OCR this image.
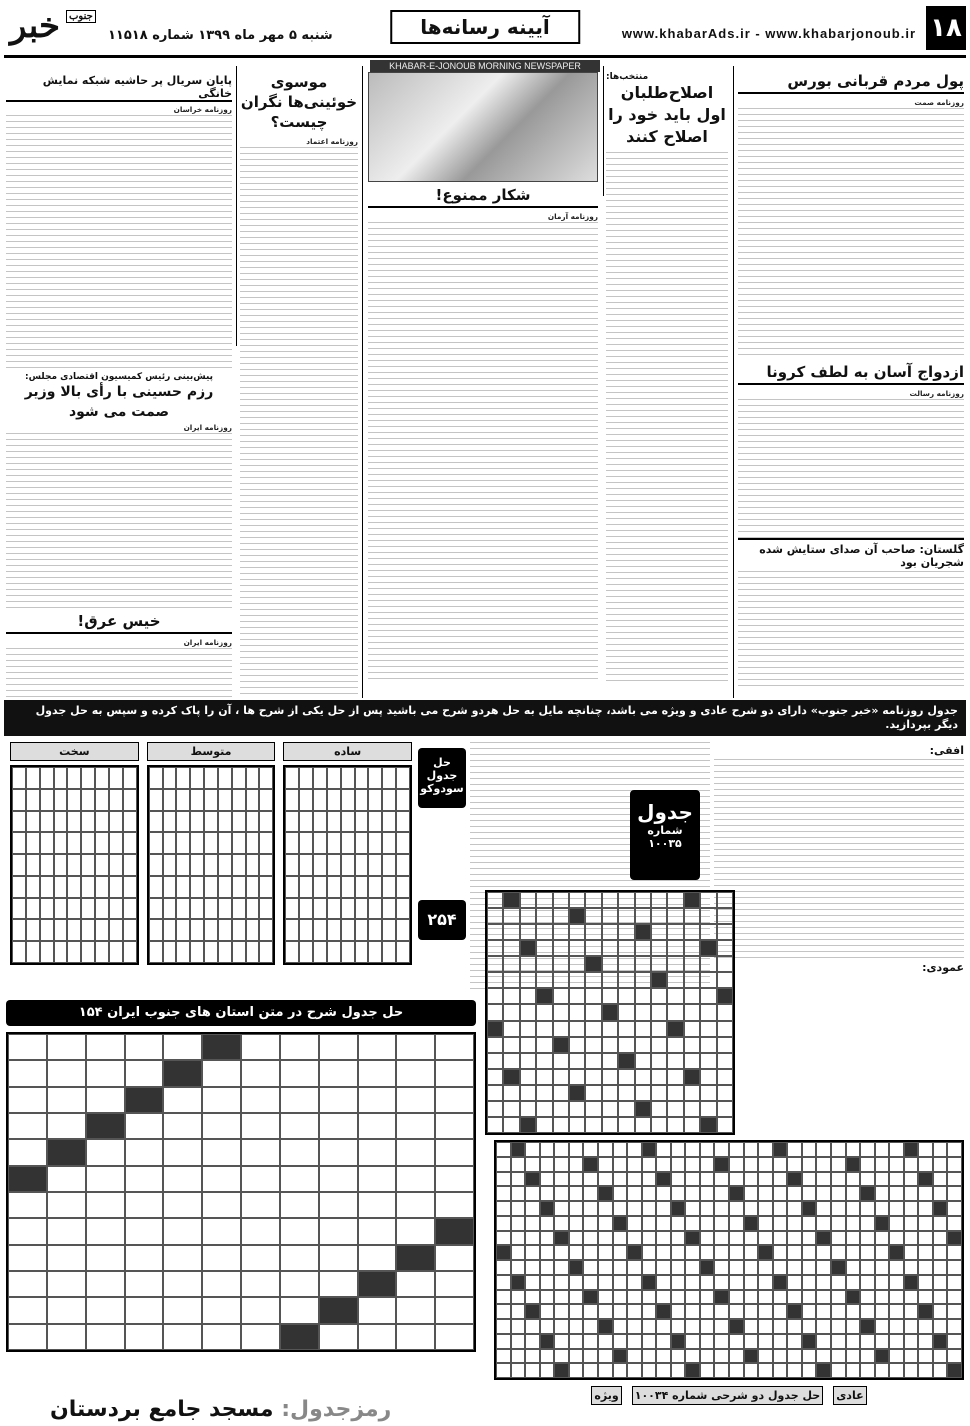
۱۸
www.khabarAds.ir - www.khabarjonoub.ir
آیینه رسانه‌ها
شنبه ۵ مهر ماه ۱۳۹۹ شماره ۱۱۵۱۸
خبر جنوب
KHABAR-E-JONOUB MORNING NEWSPAPER
پول مردم قربانی بورس
روزنامه صمت
ازدواج آسان به لطف کرونا
روزنامه رسالت
گلستان: صاحب آن صدای ستایش شده شجریان بود
منتخب‌ها:
اصلاح‌طلبان اول باید خود را اصلاح کنند
شکار ممنوع!
روزنامه آرمان
موسوی خوئینی‌ها نگران چیست؟
روزنامه اعتماد
پایان سریال پر حاشیه شبکه نمایش خانگی
روزنامه خراسان
پیش‌بینی رئیس کمیسیون اقتصادی مجلس:
رزم حسینی با رأی بالا وزیر صمت می شود
روزنامه ایران
خیس عرق!
روزنامه ایران
جدول روزنامه «خبر جنوب» دارای دو شرح عادی و ویژه می باشد، چنانچه مایل به حل هردو شرح می باشید پس از حل یکی از شرح ها ، آن را پاک کرده و سپس به حل جدول دیگر بپردازید.
ساده
متوسط
سخت
حل جدول سودوکو
۲۵۴
افقی:
عمودی:
جدول
شماره ۱۰۰۳۵
حل جدول شرح در متن استان های جنوب ایران ۱۵۴
رمزجدول: مسجد جامع بردستان
عادی
حل جدول دو شرحی شماره ۱۰۰۳۴
ویژه
